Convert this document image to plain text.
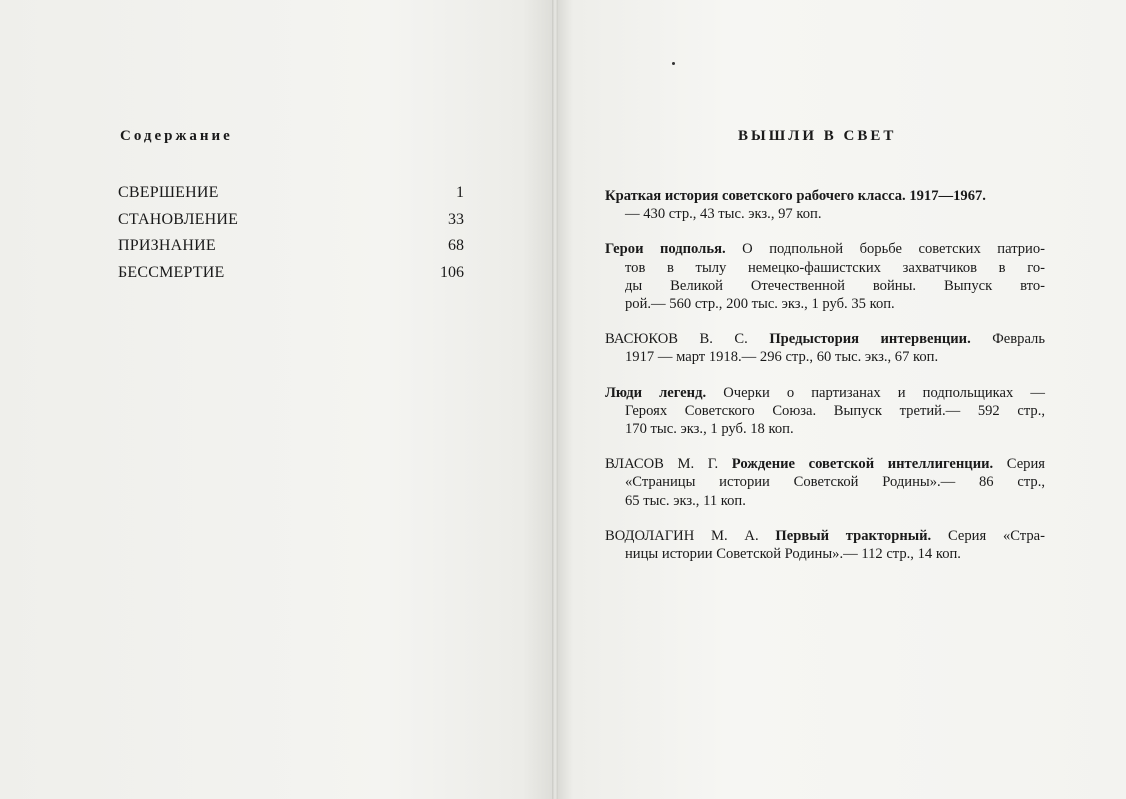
Содержание
СВЕРШЕНИЕ	1
СТАНОВЛЕНИЕ	33
ПРИЗНАНИЕ	68
БЕССМЕРТИЕ	106
ВЫШЛИ В СВЕТ
Краткая история советского рабочего класса. 1917—1967.
— 430 стр., 43 тыс. экз., 97 коп.
Герои подполья. О подпольной борьбе советских патрио-
тов в тылу немецко-фашистских захватчиков в го-
ды Великой Отечественной войны. Выпуск вто-
рой.— 560 стр., 200 тыс. экз., 1 руб. 35 коп.
ВАСЮКОВ В. С. Предыстория интервенции. Февраль
1917 — март 1918.— 296 стр., 60 тыс. экз., 67 коп.
Люди легенд. Очерки о партизанах и подпольщиках —
Героях Советского Союза. Выпуск третий.— 592 стр.,
170 тыс. экз., 1 руб. 18 коп.
ВЛАСОВ М. Г. Рождение советской интеллигенции. Серия
«Страницы истории Советской Родины».— 86 стр.,
65 тыс. экз., 11 коп.
ВОДОЛАГИН М. А. Первый тракторный. Серия «Стра-
ницы истории Советской Родины».— 112 стр., 14 коп.
